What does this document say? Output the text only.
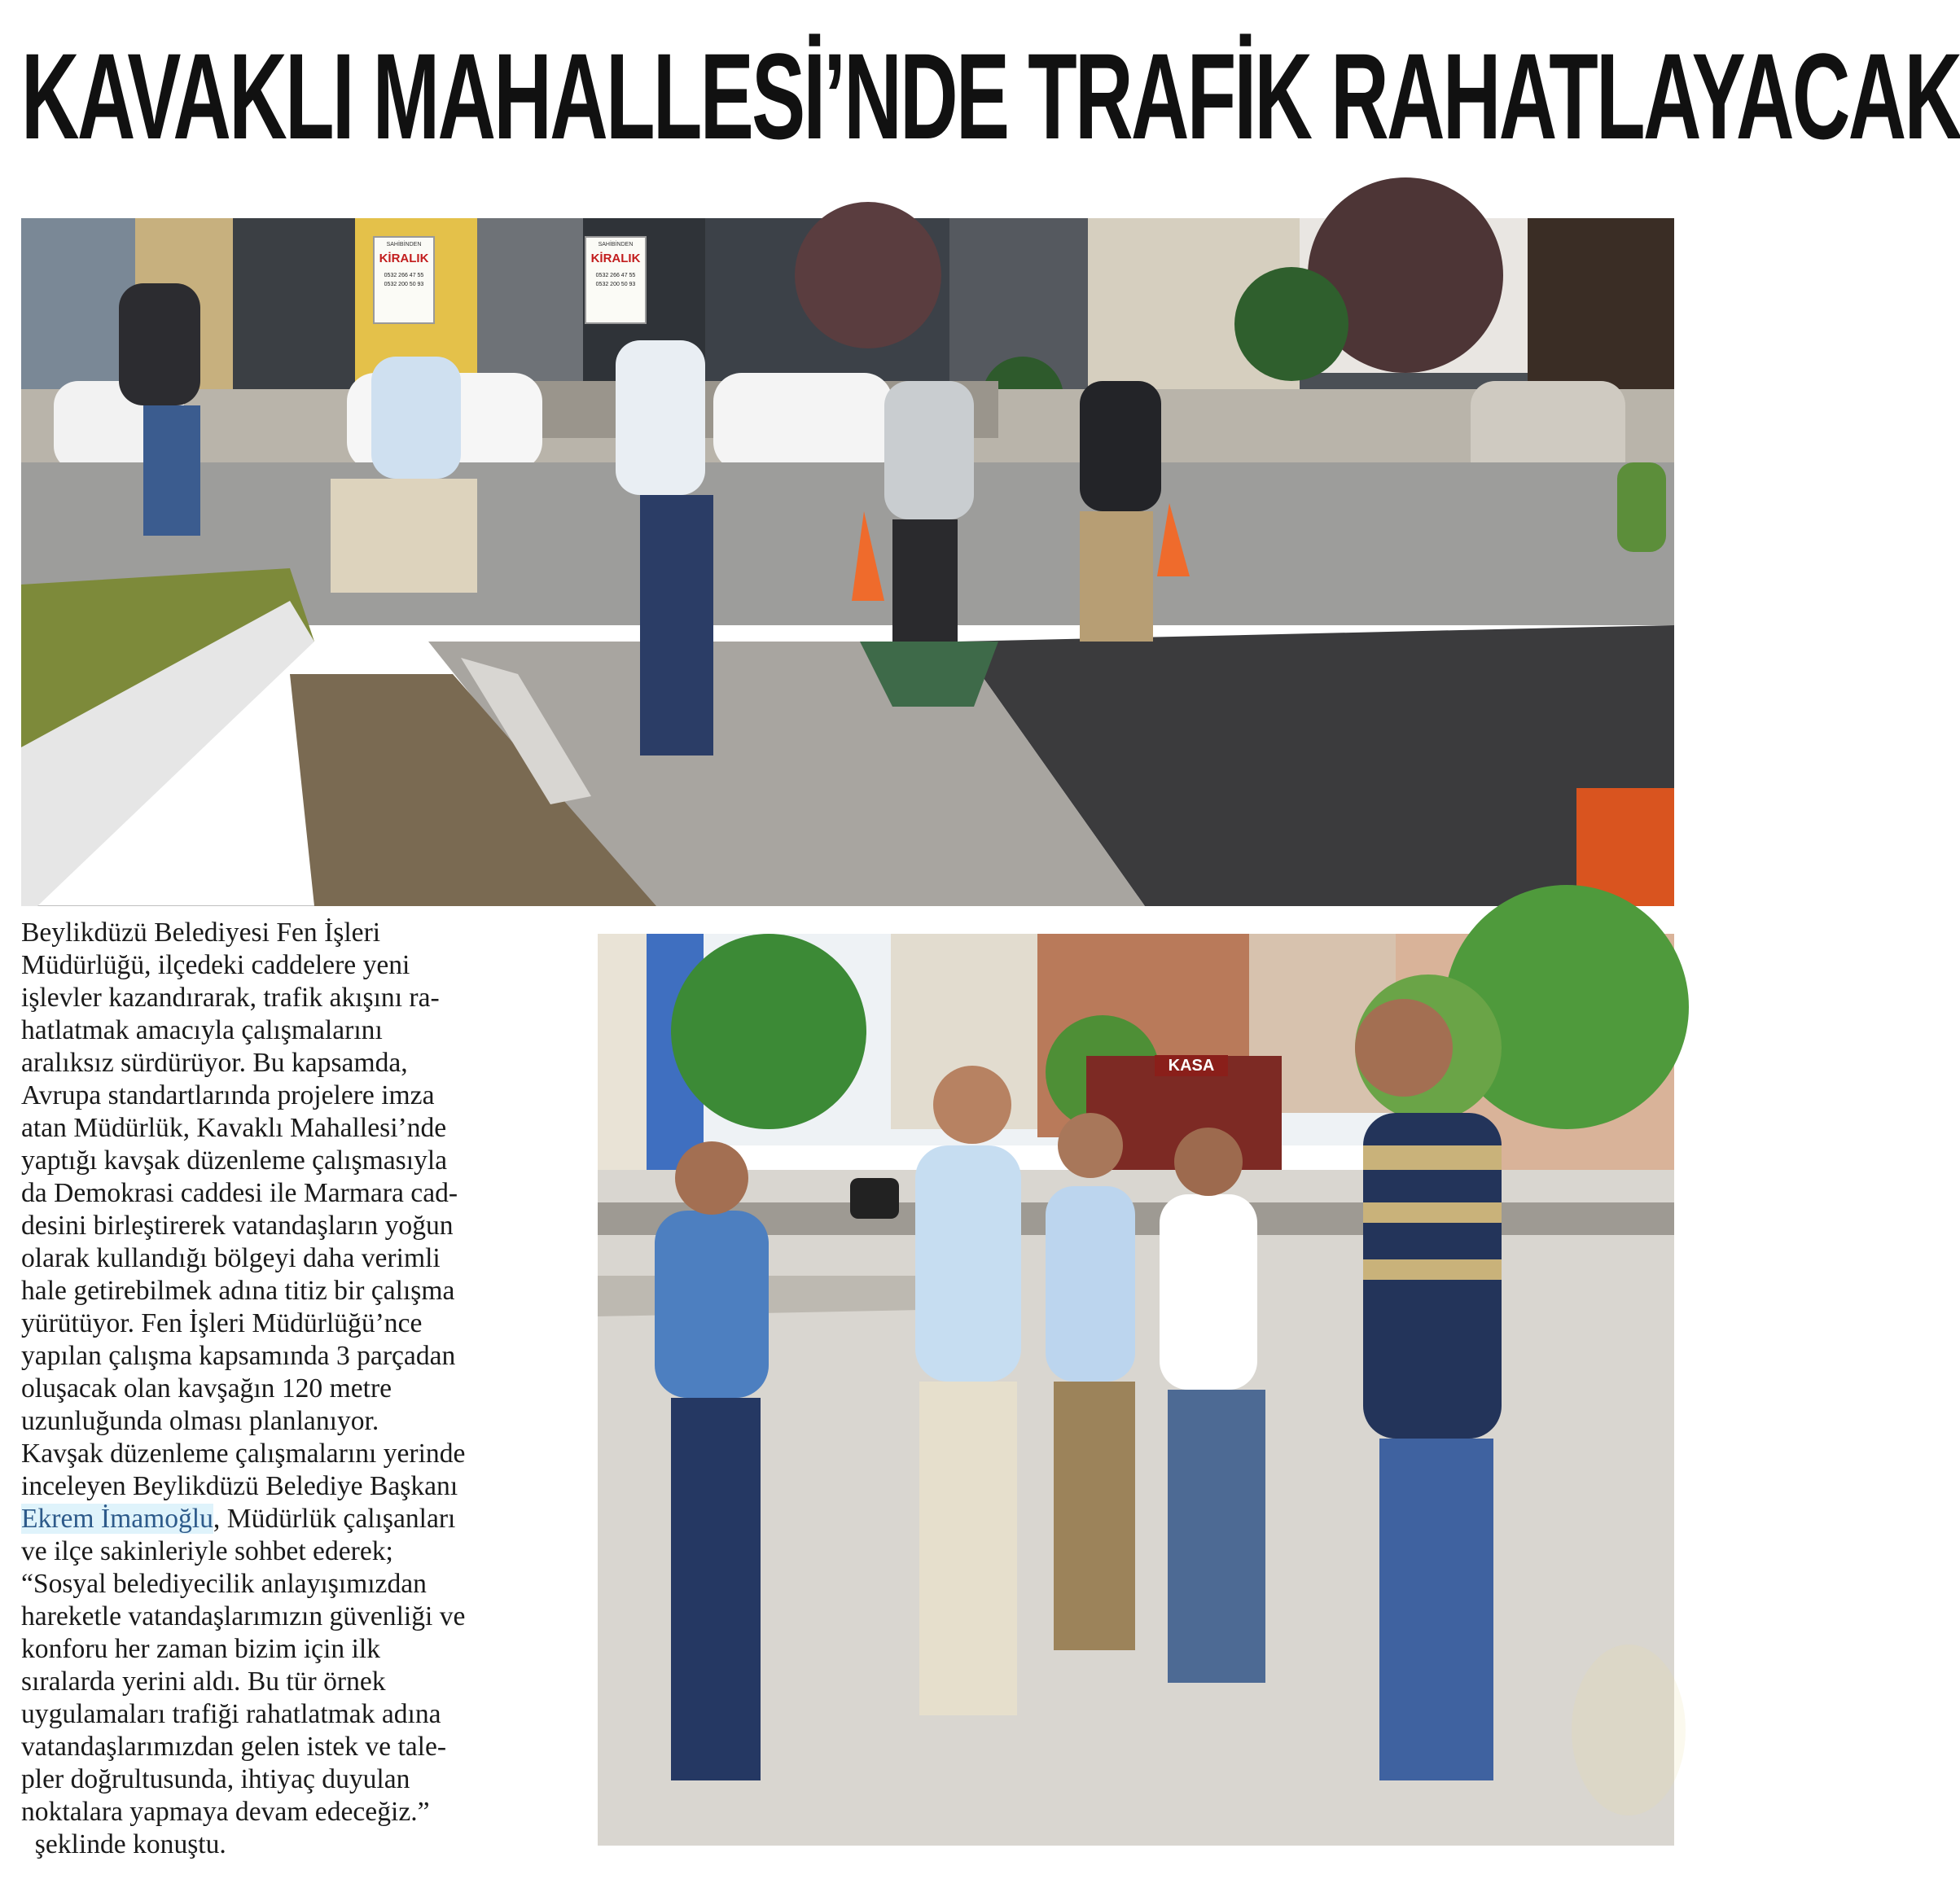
KAVAKLI MAHALLESİ’NDE TRAFİK RAHATLAYACAK
SAHİBİNDEN
KİRALIK
0532 266 47 55
0532 200 50 93
SAHİBİNDEN
KİRALIK
0532 266 47 55
0532 200 50 93

Beylikdüzü Belediyesi Fen İşleri
Müdürlüğü, ilçedeki caddelere yeni
işlevler kazandırarak, trafik akışını ra-
hatlatmak amacıyla çalışmalarını
aralıksız sürdürüyor. Bu kapsamda,
Avrupa standartlarında projelere imza
atan Müdürlük, Kavaklı Mahallesi’nde
yaptığı kavşak düzenleme çalışmasıyla
da Demokrasi caddesi ile Marmara cad-
desini birleştirerek vatandaşların yoğun
olarak kullandığı bölgeyi daha verimli
hale getirebilmek adına titiz bir çalışma
yürütüyor. Fen İşleri Müdürlüğü’nce
yapılan çalışma kapsamında 3 parçadan
oluşacak olan kavşağın 120 metre
uzunluğunda olması planlanıyor.
Kavşak düzenleme çalışmalarını yerinde
inceleyen Beylikdüzü Belediye Başkanı
Ekrem İmamoğlu, Müdürlük çalışanları
ve ilçe sakinleriyle sohbet ederek;
“Sosyal belediyecilik anlayışımızdan
hareketle vatandaşlarımızın güvenliği ve
konforu her zaman bizim için ilk
sıralarda yerini aldı. Bu tür örnek
uygulamaları trafiği rahatlatmak adına
vatandaşlarımızdan gelen istek ve tale-
pler doğrultusunda, ihtiyaç duyulan
noktalara yapmaya devam edeceğiz.”
şeklinde konuştu.

KASA
